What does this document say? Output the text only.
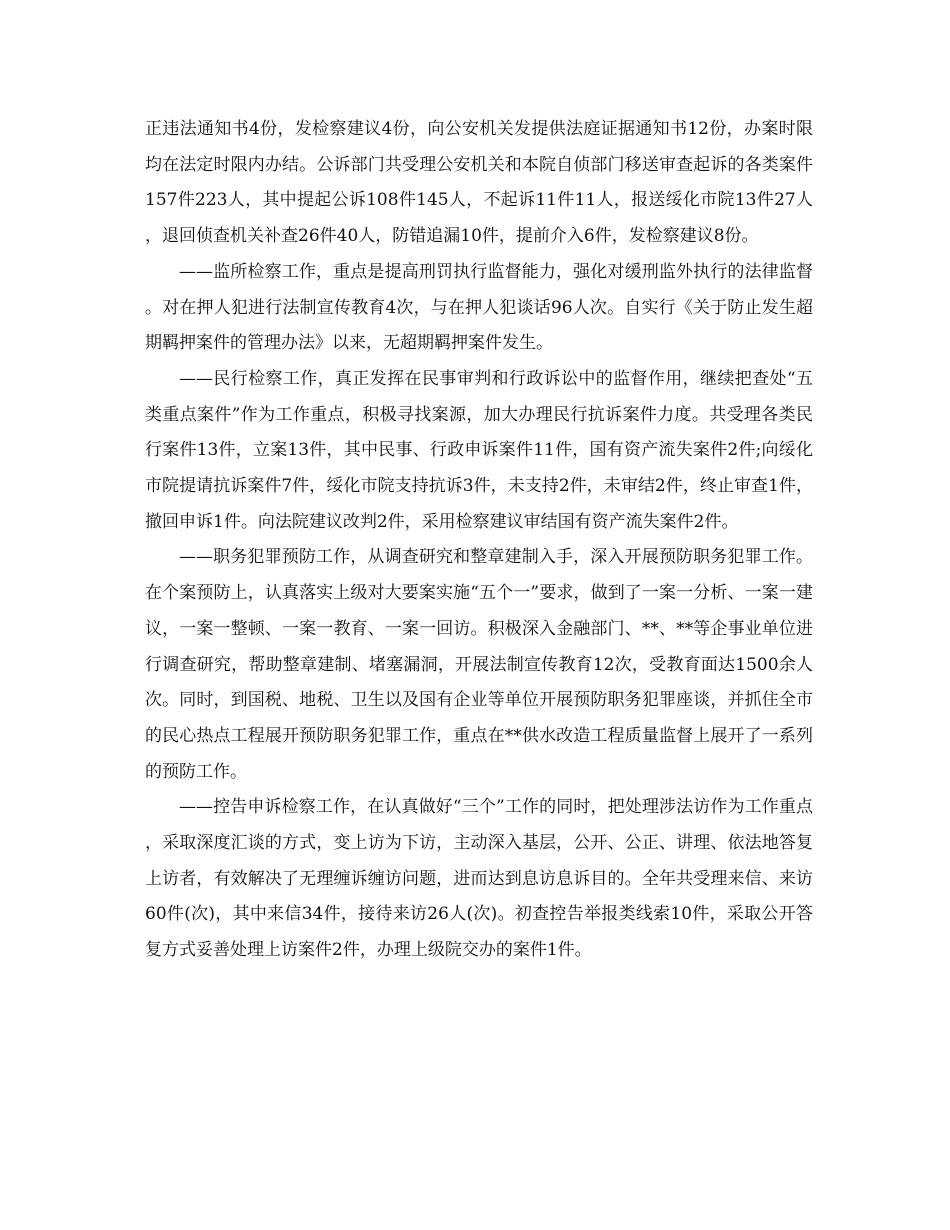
正违法通知书4份，发检察建议4份，向公安机关发提供法庭证据通知书12份，办案时限均在法定时限内办结。公诉部门共受理公安机关和本院自侦部门移送审查起诉的各类案件157件223人，其中提起公诉108件145人，不起诉11件11人，报送绥化市院13件27人，退回侦查机关补查26件40人，防错追漏10件，提前介入6件，发检察建议8份。

——监所检察工作，重点是提高刑罚执行监督能力，强化对缓刑监外执行的法律监督。对在押人犯进行法制宣传教育4次，与在押人犯谈话96人次。自实行《关于防止发生超期羁押案件的管理办法》以来，无超期羁押案件发生。

——民行检察工作，真正发挥在民事审判和行政诉讼中的监督作用，继续把查处“五类重点案件”作为工作重点，积极寻找案源，加大办理民行抗诉案件力度。共受理各类民行案件13件，立案13件，其中民事、行政申诉案件11件，国有资产流失案件2件;向绥化市院提请抗诉案件7件，绥化市院支持抗诉3件，未支持2件，未审结2件，终止审查1件，撤回申诉1件。向法院建议改判2件，采用检察建议审结国有资产流失案件2件。

——职务犯罪预防工作，从调查研究和整章建制入手，深入开展预防职务犯罪工作。在个案预防上，认真落实上级对大要案实施“五个一”要求，做到了一案一分析、一案一建议，一案一整顿、一案一教育、一案一回访。积极深入金融部门、**、**等企事业单位进行调查研究，帮助整章建制、堵塞漏洞，开展法制宣传教育12次，受教育面达1500余人次。同时，到国税、地税、卫生以及国有企业等单位开展预防职务犯罪座谈，并抓住全市的民心热点工程展开预防职务犯罪工作，重点在**供水改造工程质量监督上展开了一系列的预防工作。

——控告申诉检察工作，在认真做好“三个”工作的同时，把处理涉法访作为工作重点，采取深度汇谈的方式，变上访为下访，主动深入基层，公开、公正、讲理、依法地答复上访者，有效解决了无理缠诉缠访问题，进而达到息访息诉目的。全年共受理来信、来访60件(次)，其中来信34件，接待来访26人(次)。初查控告举报类线索10件，采取公开答复方式妥善处理上访案件2件，办理上级院交办的案件1件。
